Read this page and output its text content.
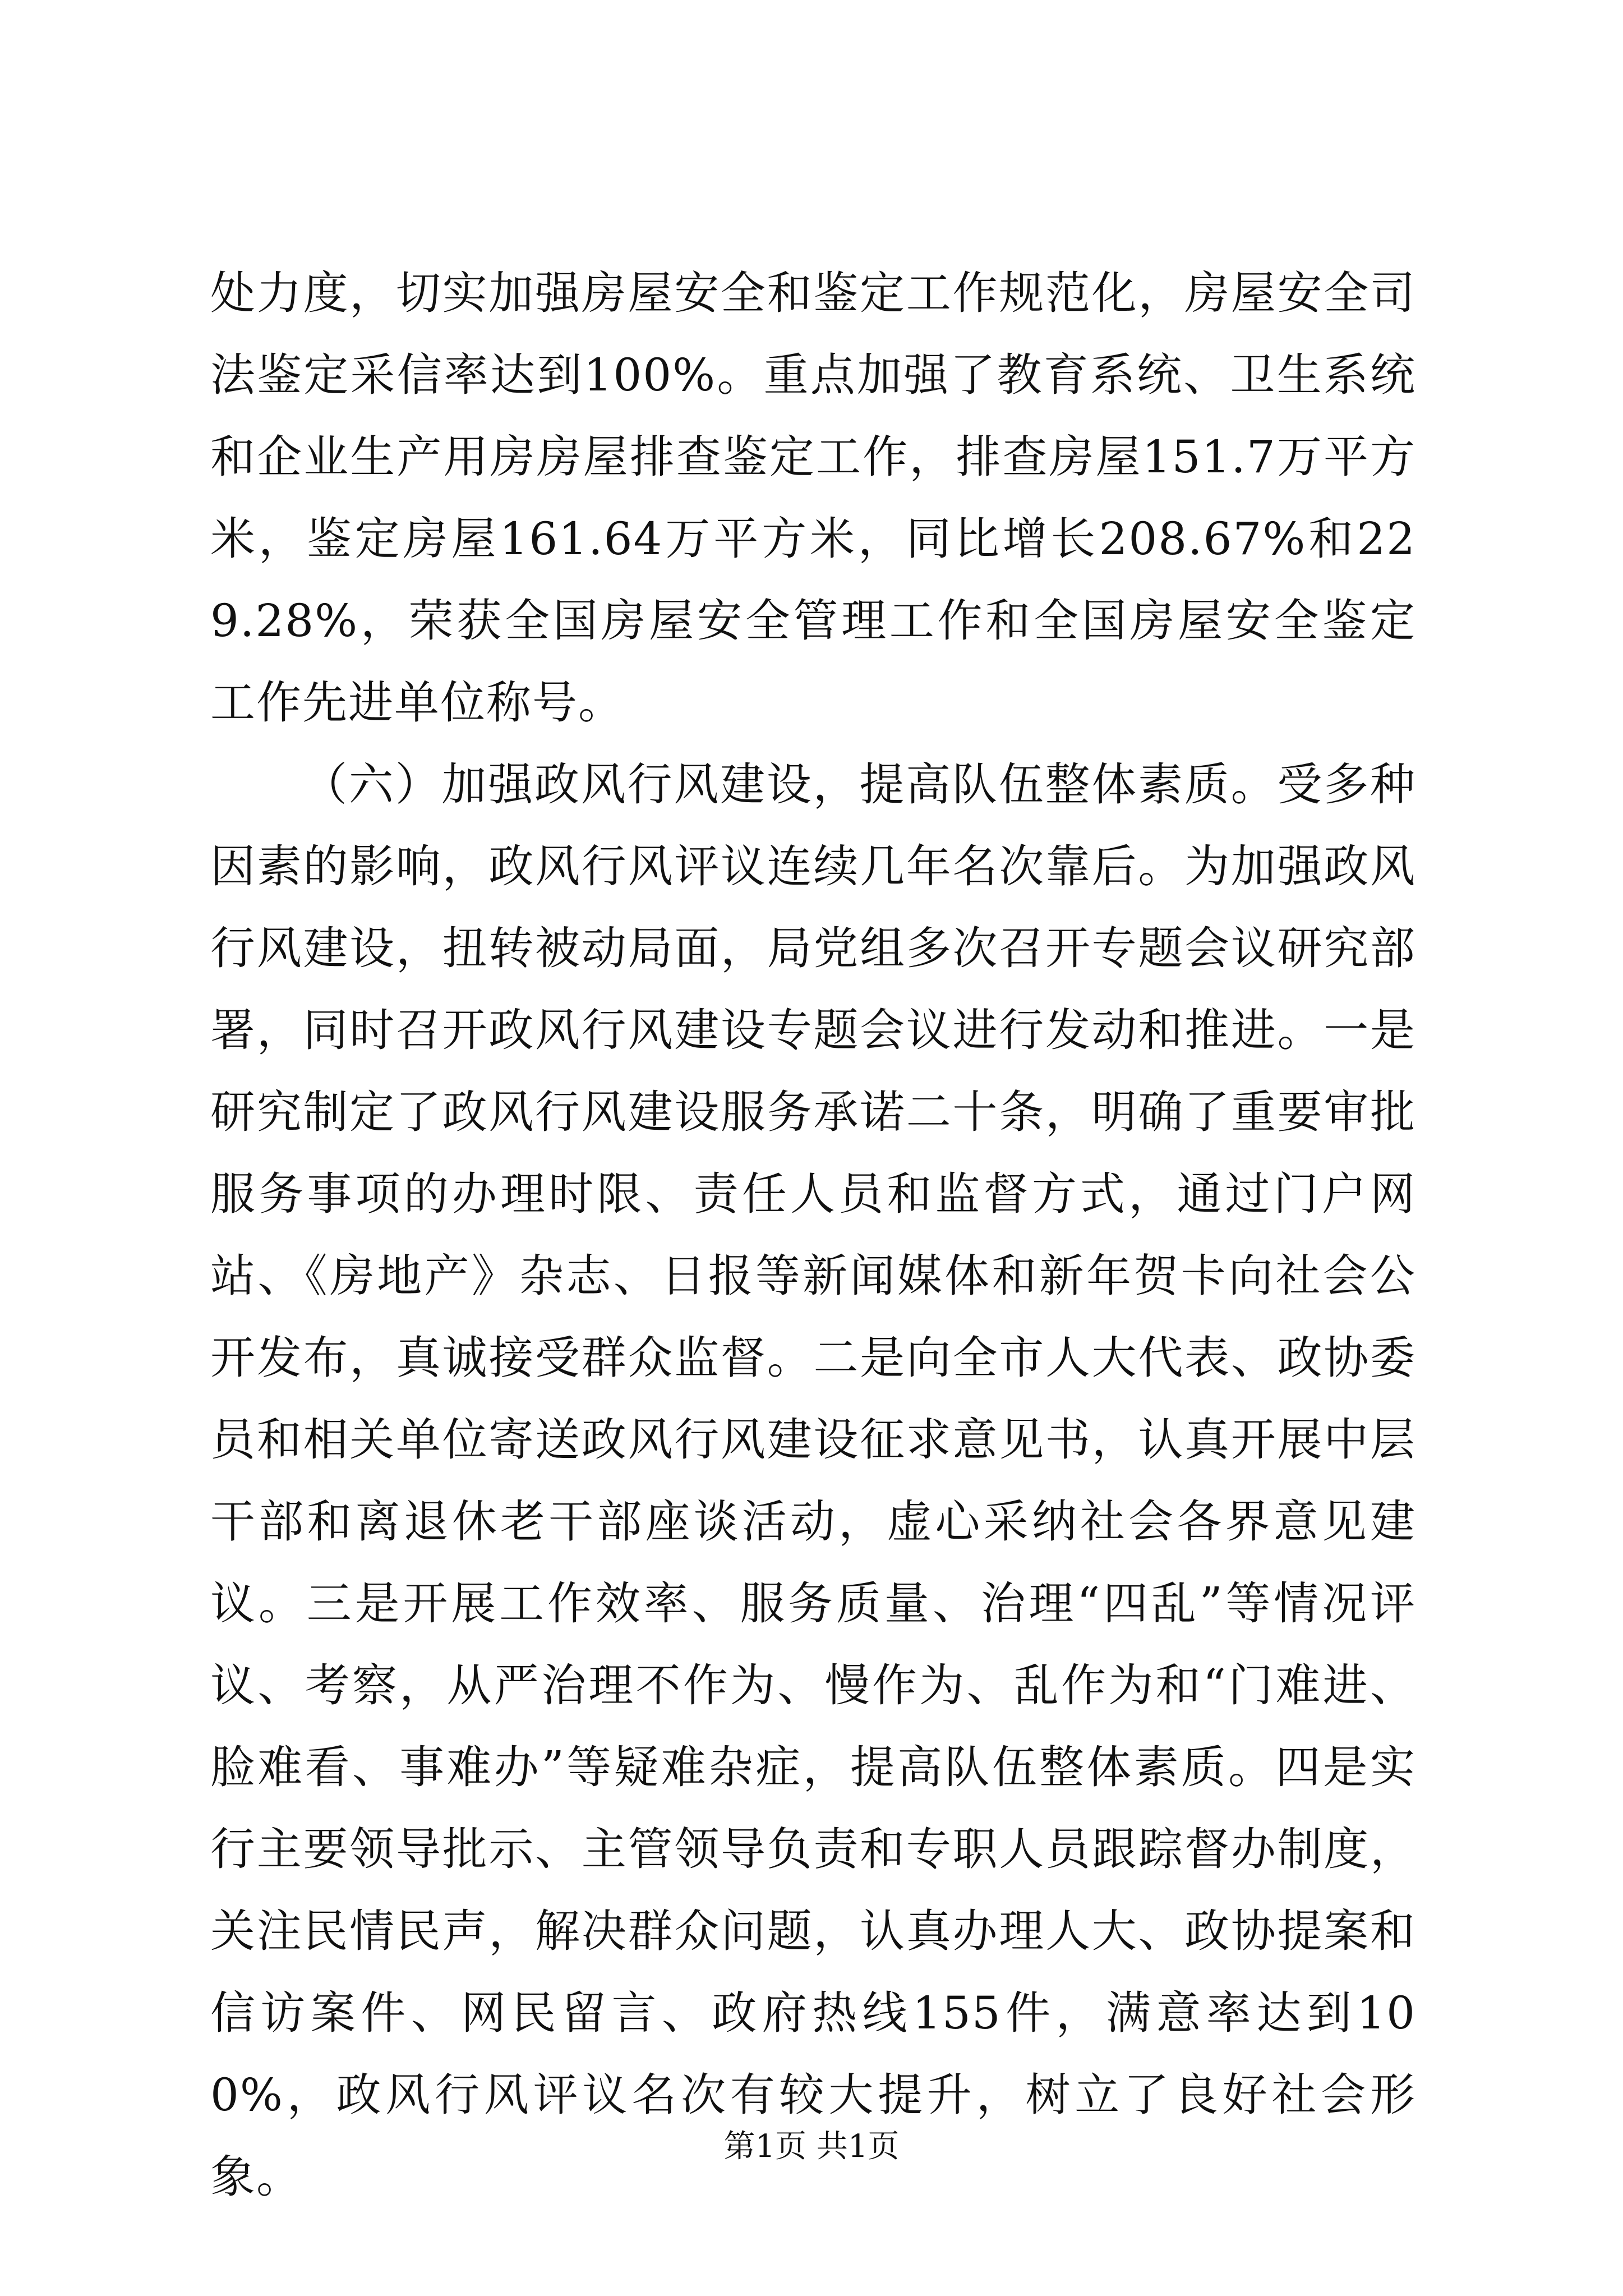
处力度，切实加强房屋安全和鉴定工作规范化，房屋安全司法鉴定采信率达到100%。重点加强了教育系统、卫生系统和企业生产用房房屋排查鉴定工作，排查房屋151.7万平方米，鉴定房屋161.64万平方米，同比增长208.67%和229.28%，荣获全国房屋安全管理工作和全国房屋安全鉴定工作先进单位称号。

（六）加强政风行风建设，提高队伍整体素质。受多种因素的影响，政风行风评议连续几年名次靠后。为加强政风行风建设，扭转被动局面，局党组多次召开专题会议研究部署，同时召开政风行风建设专题会议进行发动和推进。一是研究制定了政风行风建设服务承诺二十条，明确了重要审批服务事项的办理时限、责任人员和监督方式，通过门户网站、《房地产》杂志、日报等新闻媒体和新年贺卡向社会公开发布，真诚接受群众监督。二是向全市人大代表、政协委员和相关单位寄送政风行风建设征求意见书，认真开展中层干部和离退休老干部座谈活动，虚心采纳社会各界意见建议。三是开展工作效率、服务质量、治理“四乱”等情况评议、考察，从严治理不作为、慢作为、乱作为和“门难进、脸难看、事难办”等疑难杂症，提高队伍整体素质。四是实行主要领导批示、主管领导负责和专职人员跟踪督办制度，关注民情民声，解决群众问题，认真办理人大、政协提案和信访案件、网民留言、政府热线155件，满意率达到100%，政风行风评议名次有较大提升，树立了良好社会形象。

第1页 共1页
